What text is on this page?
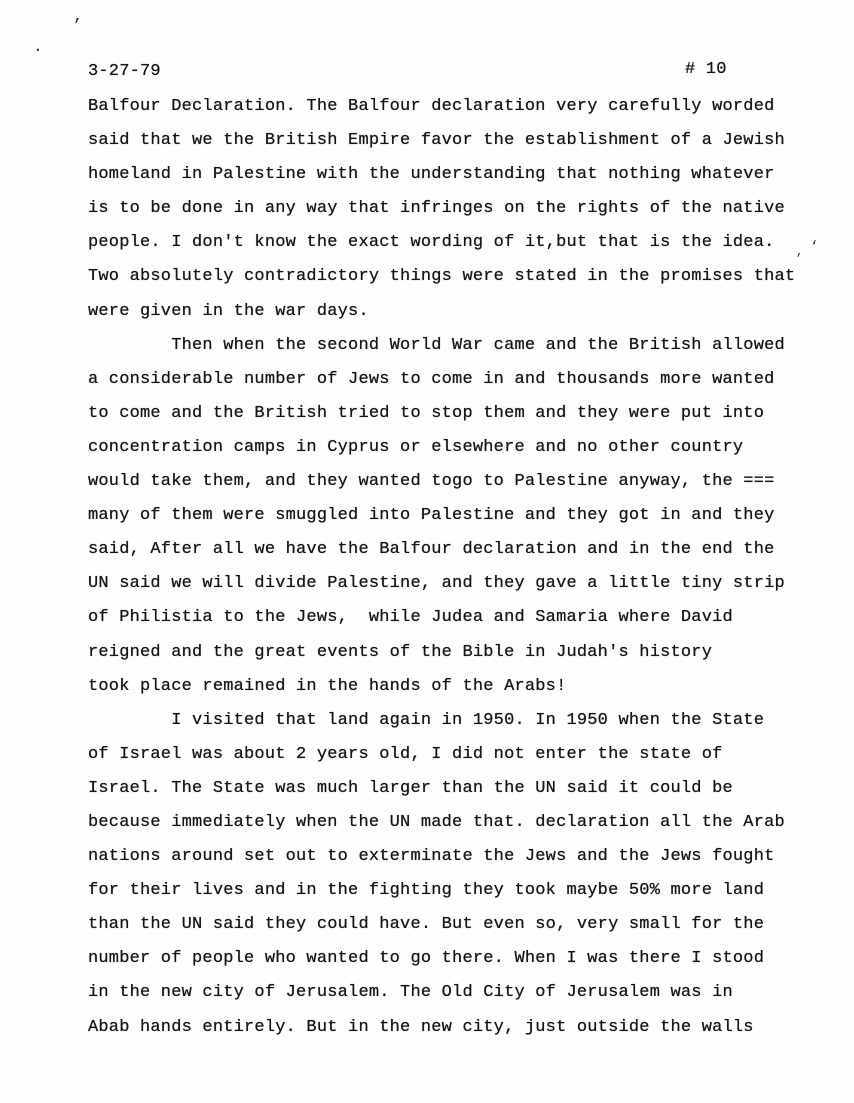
3-27-79	# 10
Balfour Declaration. The Balfour declaration very carefully worded
said that we the British Empire favor the establishment of a Jewish
homeland in Palestine with the understanding that nothing whatever
is to be done in any way that infringes on the rights of the native
people. I don't know the exact wording of it,but that is the idea.
Two absolutely contradictory things were stated in the promises that
were given in the war days.
Then when the second World War came and the British allowed
a considerable number of Jews to come in and thousands more wanted
to come and the British tried to stop them and they were put into
concentration camps in Cyprus or elsewhere and no other country
would take them, and they wanted togo to Palestine anyway, the ===
many of them were smuggled into Palestine and they got in and they
said, After all we have the Balfour declaration and in the end the
UN said we will divide Palestine, and they gave a little tiny strip
of Philistia to the Jews,  while Judea and Samaria where David
reigned and the great events of the Bible in Judah's history
took place remained in the hands of the Arabs!
I visited that land again in 1950. In 1950 when the State
of Israel was about 2 years old, I did not enter the state of
Israel. The State was much larger than the UN said it could be
because immediately when the UN made that. declaration all the Arab
nations around set out to exterminate the Jews and the Jews fought
for their lives and in the fighting they took maybe 50% more land
than the UN said they could have. But even so, very small for the
number of people who wanted to go there. When I was there I stood
in the new city of Jerusalem. The Old City of Jerusalem was in
Abab hands entirely. But in the new city, just outside the walls
’
·
‘
,
